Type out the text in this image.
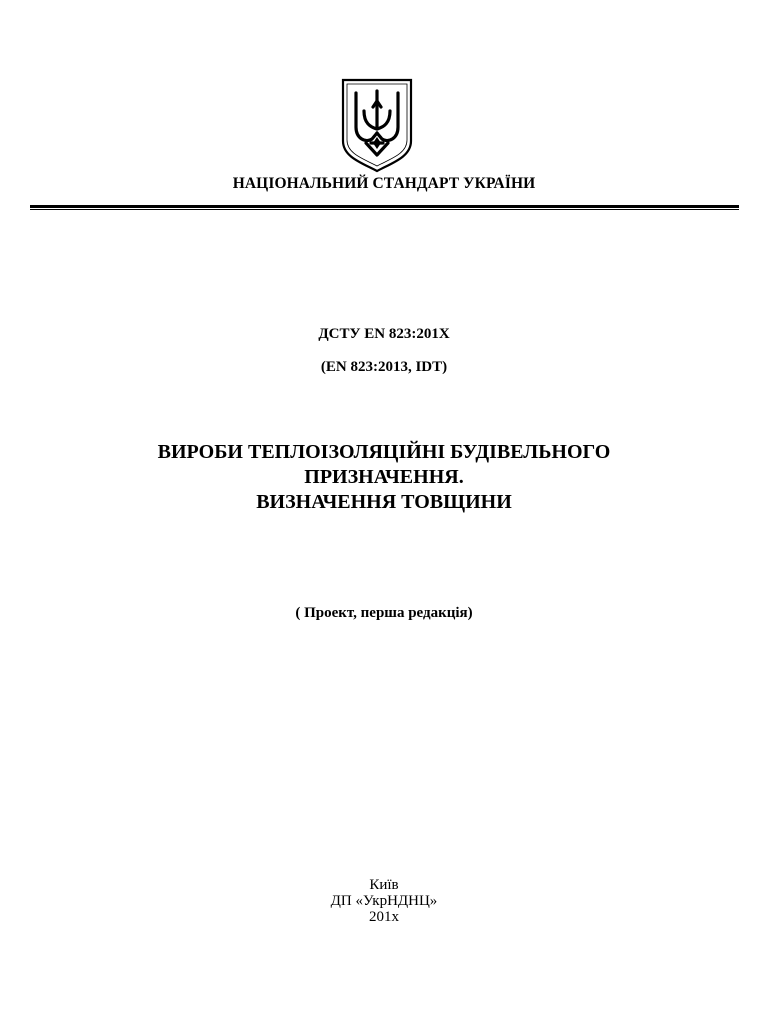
НАЦІОНАЛЬНИЙ СТАНДАРТ УКРАЇНИ
ДСТУ EN 823:201Х
(EN 823:2013, IDT)
ВИРОБИ ТЕПЛОІЗОЛЯЦІЙНІ БУДІВЕЛЬНОГО
ПРИЗНАЧЕННЯ.
ВИЗНАЧЕННЯ ТОВЩИНИ
( Проект, перша редакція)
Київ
ДП «УкрНДНЦ»
201х
